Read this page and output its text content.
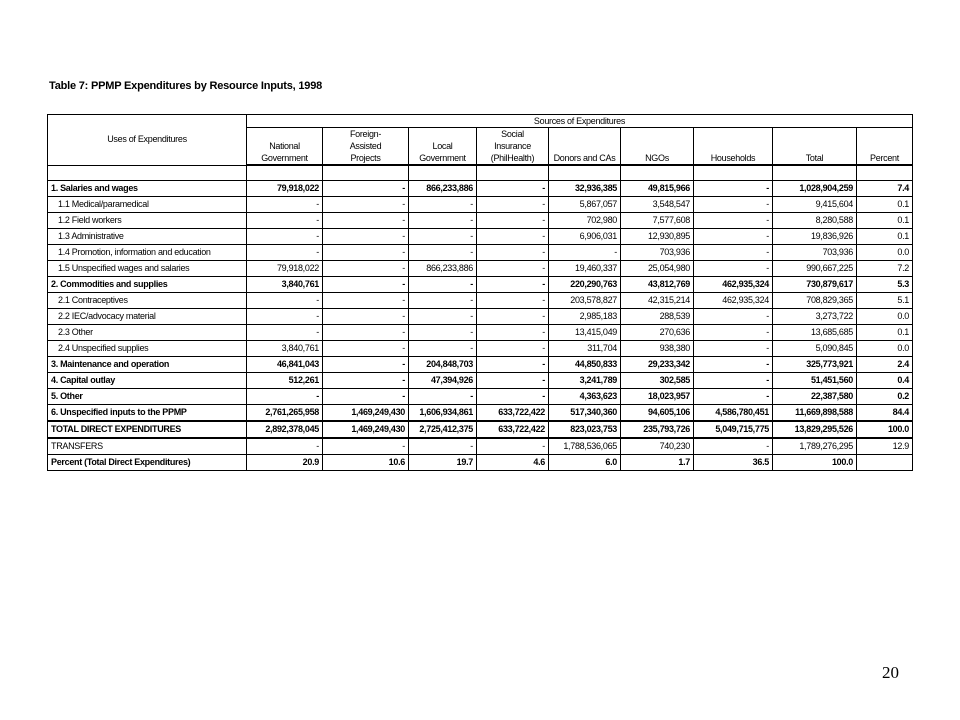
Table 7: PPMP Expenditures by Resource Inputs, 1998
Uses of Expenditures	Sources of Expenditures								
		Foreign-		Social					
	National	Assisted	Local	Insurance					
	Government	Projects	Government	(PhilHealth)	Donors and CAs	NGOs	Households	Total	Percent

1. Salaries and wages	79,918,022	-	866,233,886	-	32,936,385	49,815,966	-	1,028,904,259	7.4
1.1 Medical/paramedical	-	-	-	-	5,867,057	3,548,547	-	9,415,604	0.1
1.2 Field workers	-	-	-	-	702,980	7,577,608	-	8,280,588	0.1
1.3 Administrative	-	-	-	-	6,906,031	12,930,895	-	19,836,926	0.1
1.4 Promotion, information and education	-	-	-	-	-	703,936	-	703,936	0.0
1.5 Unspecified wages and salaries	79,918,022	-	866,233,886	-	19,460,337	25,054,980	-	990,667,225	7.2
2. Commodities and supplies	3,840,761	-	-	-	220,290,763	43,812,769	462,935,324	730,879,617	5.3
2.1 Contraceptives	-	-	-	-	203,578,827	42,315,214	462,935,324	708,829,365	5.1
2.2 IEC/advocacy material	-	-	-	-	2,985,183	288,539	-	3,273,722	0.0
2.3 Other	-	-	-	-	13,415,049	270,636	-	13,685,685	0.1
2.4 Unspecified supplies	3,840,761	-	-	-	311,704	938,380	-	5,090,845	0.0
3. Maintenance and operation	46,841,043	-	204,848,703	-	44,850,833	29,233,342	-	325,773,921	2.4
4. Capital outlay	512,261	-	47,394,926	-	3,241,789	302,585	-	51,451,560	0.4
5. Other	-	-	-	-	4,363,623	18,023,957	-	22,387,580	0.2
6. Unspecified inputs to the PPMP	2,761,265,958	1,469,249,430	1,606,934,861	633,722,422	517,340,360	94,605,106	4,586,780,451	11,669,898,588	84.4
TOTAL DIRECT EXPENDITURES	2,892,378,045	1,469,249,430	2,725,412,375	633,722,422	823,023,753	235,793,726	5,049,715,775	13,829,295,526	100.0
TRANSFERS	-	-	-	-	1,788,536,065	740,230	-	1,789,276,295	12.9
Percent (Total Direct Expenditures)	20.9	10.6	19.7	4.6	6.0	1.7	36.5	100.0	
20
